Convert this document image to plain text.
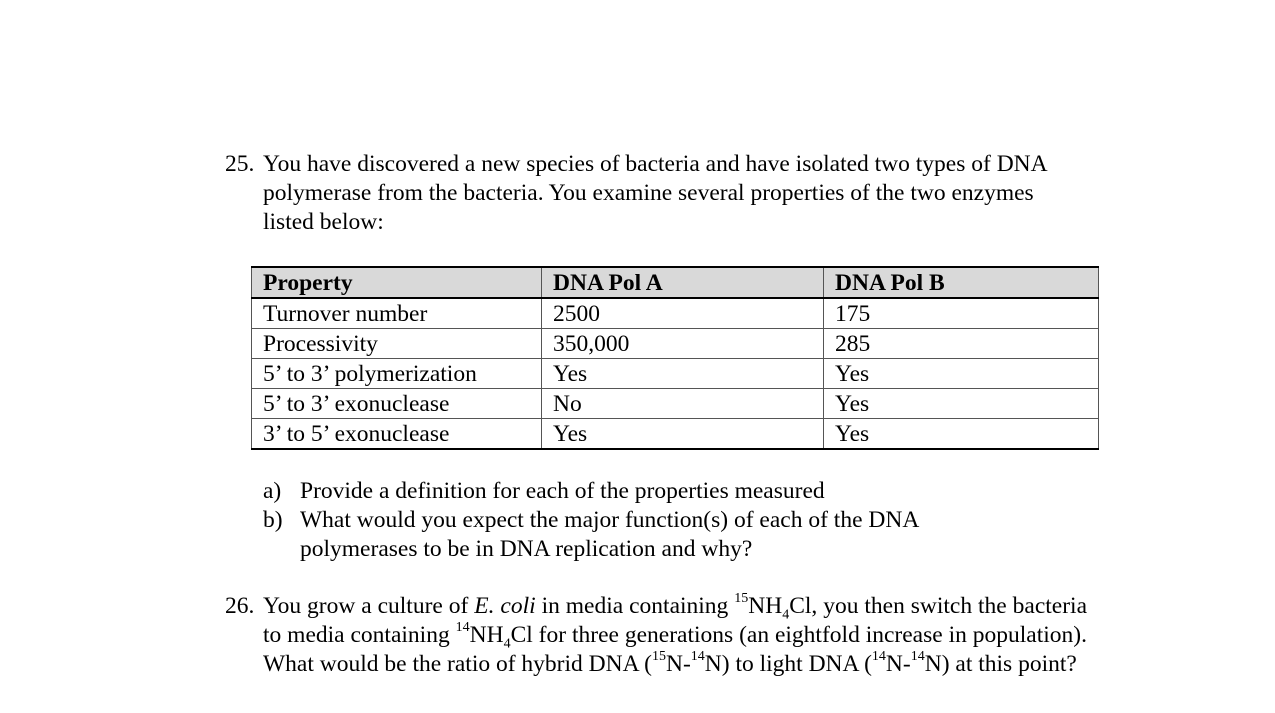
25. You have discovered a new species of bacteria and have isolated two types of DNA polymerase from the bacteria. You examine several properties of the two enzymes listed below:
Property	DNA Pol A	DNA Pol B
Turnover number	2500	175
Processivity	350,000	285
5’ to 3’ polymerization	Yes	Yes
5’ to 3’ exonuclease	No	Yes
3’ to 5’ exonuclease	Yes	Yes
a) Provide a definition for each of the properties measured
b) What would you expect the major function(s) of each of the DNA polymerases to be in DNA replication and why?
26. You grow a culture of E. coli in media containing $^{15}NH_4Cl$, you then switch the bacteria to media containing $^{14}NH_4Cl$ for three generations (an eightfold increase in population). What would be the ratio of hybrid DNA ($^{15}$N-$^{14}$N) to light DNA ($^{14}$N-$^{14}$N) at this point?
